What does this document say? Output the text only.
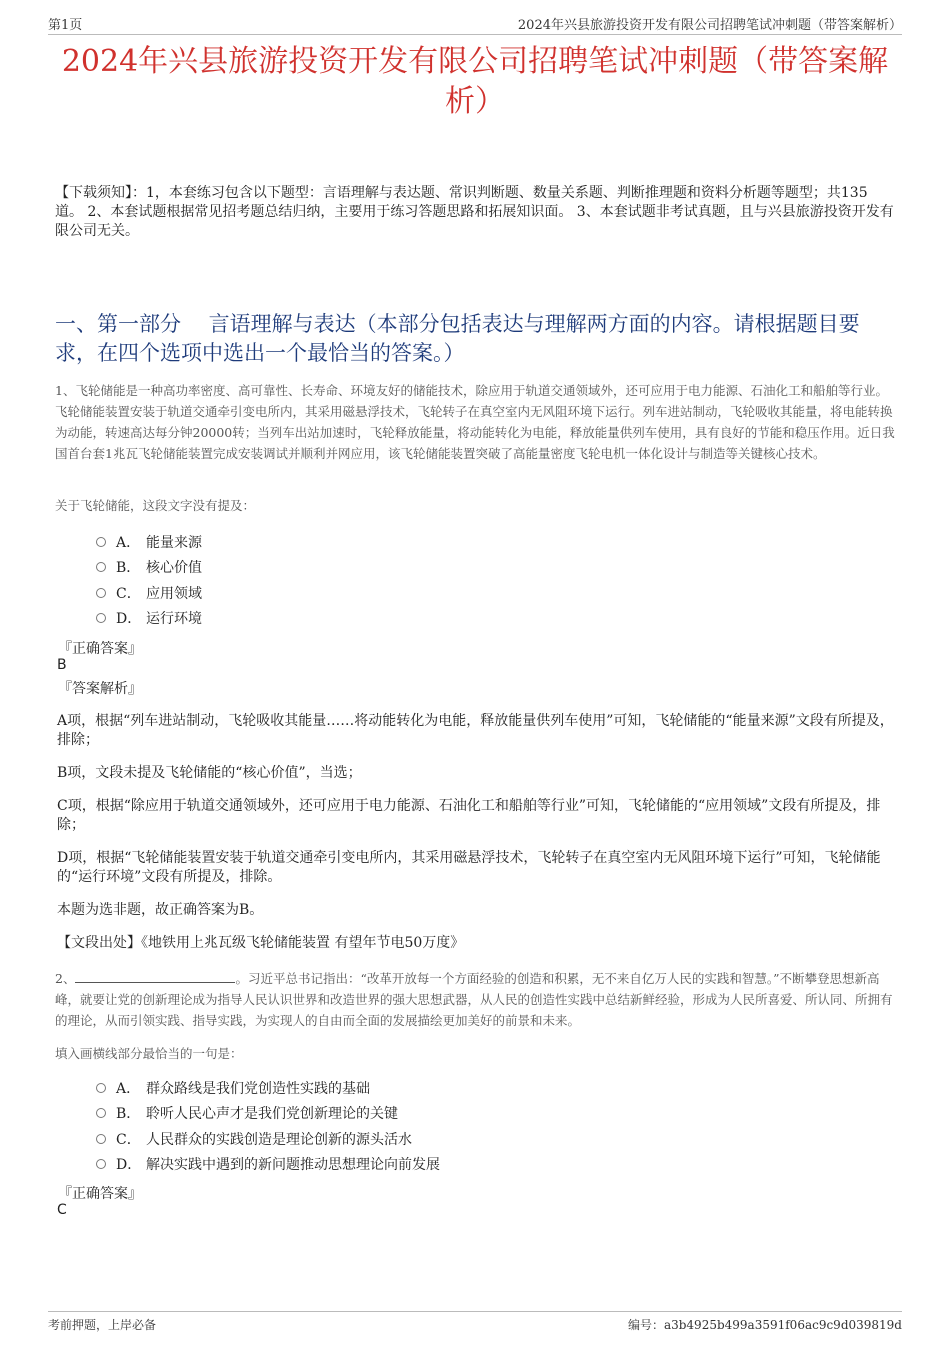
第1页	2024年兴县旅游投资开发有限公司招聘笔试冲刺题（带答案解析）
2024年兴县旅游投资开发有限公司招聘笔试冲刺题（带答案解析）
【下载须知】：1，本套练习包含以下题型：言语理解与表达题、常识判断题、数量关系题、判断推理题和资料分析题等题型；共135道。 2、本套试题根据常见招考题总结归纳，主要用于练习答题思路和拓展知识面。 3、本套试题非考试真题，且与兴县旅游投资开发有限公司无关。
一、第一部分　 言语理解与表达（本部分包括表达与理解两方面的内容。请根据题目要求，在四个选项中选出一个最恰当的答案。）
1、飞轮储能是一种高功率密度、高可靠性、长寿命、环境友好的储能技术，除应用于轨道交通领域外，还可应用于电力能源、石油化工和船舶等行业。飞轮储能装置安装于轨道交通牵引变电所内，其采用磁悬浮技术，飞轮转子在真空室内无风阻环境下运行。列车进站制动，飞轮吸收其能量，将电能转换为动能，转速高达每分钟20000转；当列车出站加速时，飞轮释放能量，将动能转化为电能，释放能量供列车使用，具有良好的节能和稳压作用。近日我国首台套1兆瓦飞轮储能装置完成安装调试并顺利并网应用，该飞轮储能装置突破了高能量密度飞轮电机一体化设计与制造等关键核心技术。
关于飞轮储能，这段文字没有提及：
A． 能量来源
B． 核心价值
C． 应用领域
D． 运行环境
『正确答案』
B
『答案解析』
A项，根据“列车进站制动，飞轮吸收其能量……将动能转化为电能，释放能量供列车使用”可知，飞轮储能的“能量来源”文段有所提及，排除；
B项，文段未提及飞轮储能的“核心价值”，当选；
C项，根据“除应用于轨道交通领域外，还可应用于电力能源、石油化工和船舶等行业”可知，飞轮储能的“应用领域”文段有所提及，排除；
D项，根据“飞轮储能装置安装于轨道交通牵引变电所内，其采用磁悬浮技术，飞轮转子在真空室内无风阻环境下运行”可知，飞轮储能的“运行环境”文段有所提及，排除。
本题为选非题，故正确答案为B。
【文段出处】《地铁用上兆瓦级飞轮储能装置 有望年节电50万度》
2、	。习近平总书记指出：“改革开放每一个方面经验的创造和积累，无不来自亿万人民的实践和智慧。”不断攀登思想新高峰，就要让党的创新理论成为指导人民认识世界和改造世界的强大思想武器，从人民的创造性实践中总结新鲜经验，形成为人民所喜爱、所认同、所拥有的理论，从而引领实践、指导实践，为实现人的自由而全面的发展描绘更加美好的前景和未来。
填入画横线部分最恰当的一句是：
A． 群众路线是我们党创造性实践的基础
B． 聆听人民心声才是我们党创新理论的关键
C． 人民群众的实践创造是理论创新的源头活水
D． 解决实践中遇到的新问题推动思想理论向前发展
『正确答案』
C
考前押题，上岸必备	编号：a3b4925b499a3591f06ac9c9d039819d
